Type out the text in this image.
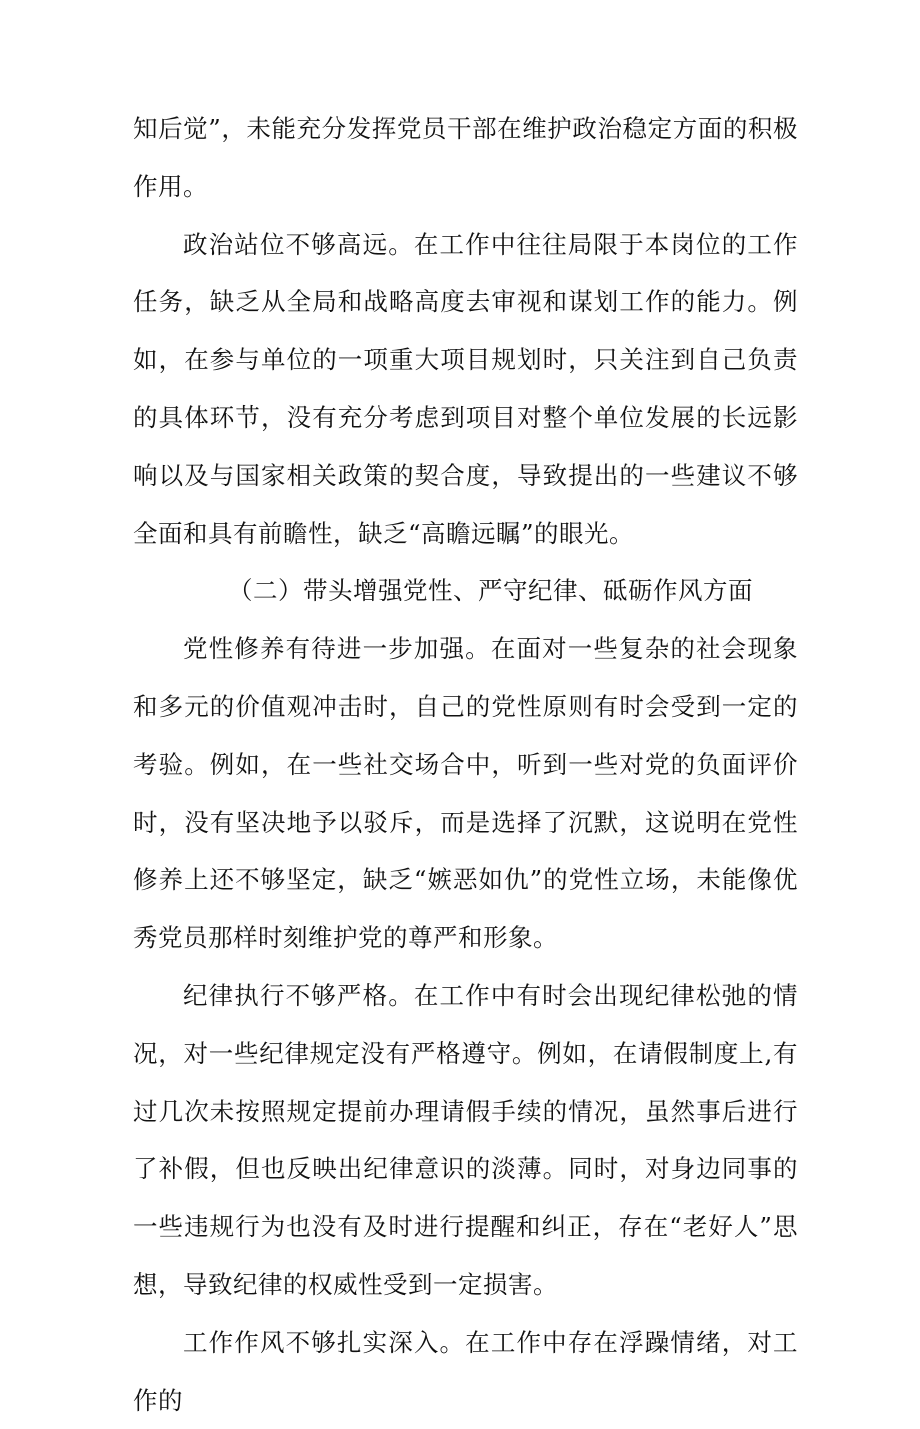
知后觉”，未能充分发挥党员干部在维护政治稳定方面的积极作用。

政治站位不够高远。在工作中往往局限于本岗位的工作任务，缺乏从全局和战略高度去审视和谋划工作的能力。例如，在参与单位的一项重大项目规划时，只关注到自己负责的具体环节，没有充分考虑到项目对整个单位发展的长远影响以及与国家相关政策的契合度，导致提出的一些建议不够全面和具有前瞻性，缺乏“高瞻远瞩”的眼光。

（二）带头增强党性、严守纪律、砥砺作风方面

党性修养有待进一步加强。在面对一些复杂的社会现象和多元的价值观冲击时，自己的党性原则有时会受到一定的考验。例如，在一些社交场合中，听到一些对党的负面评价时，没有坚决地予以驳斥，而是选择了沉默，这说明在党性修养上还不够坚定，缺乏“嫉恶如仇”的党性立场，未能像优秀党员那样时刻维护党的尊严和形象。

纪律执行不够严格。在工作中有时会出现纪律松弛的情况，对一些纪律规定没有严格遵守。例如，在请假制度上,有过几次未按照规定提前办理请假手续的情况，虽然事后进行了补假，但也反映出纪律意识的淡薄。同时，对身边同事的一些违规行为也没有及时进行提醒和纠正，存在“老好人”思想，导致纪律的权威性受到一定损害。

工作作风不够扎实深入。在工作中存在浮躁情绪，对工作的
